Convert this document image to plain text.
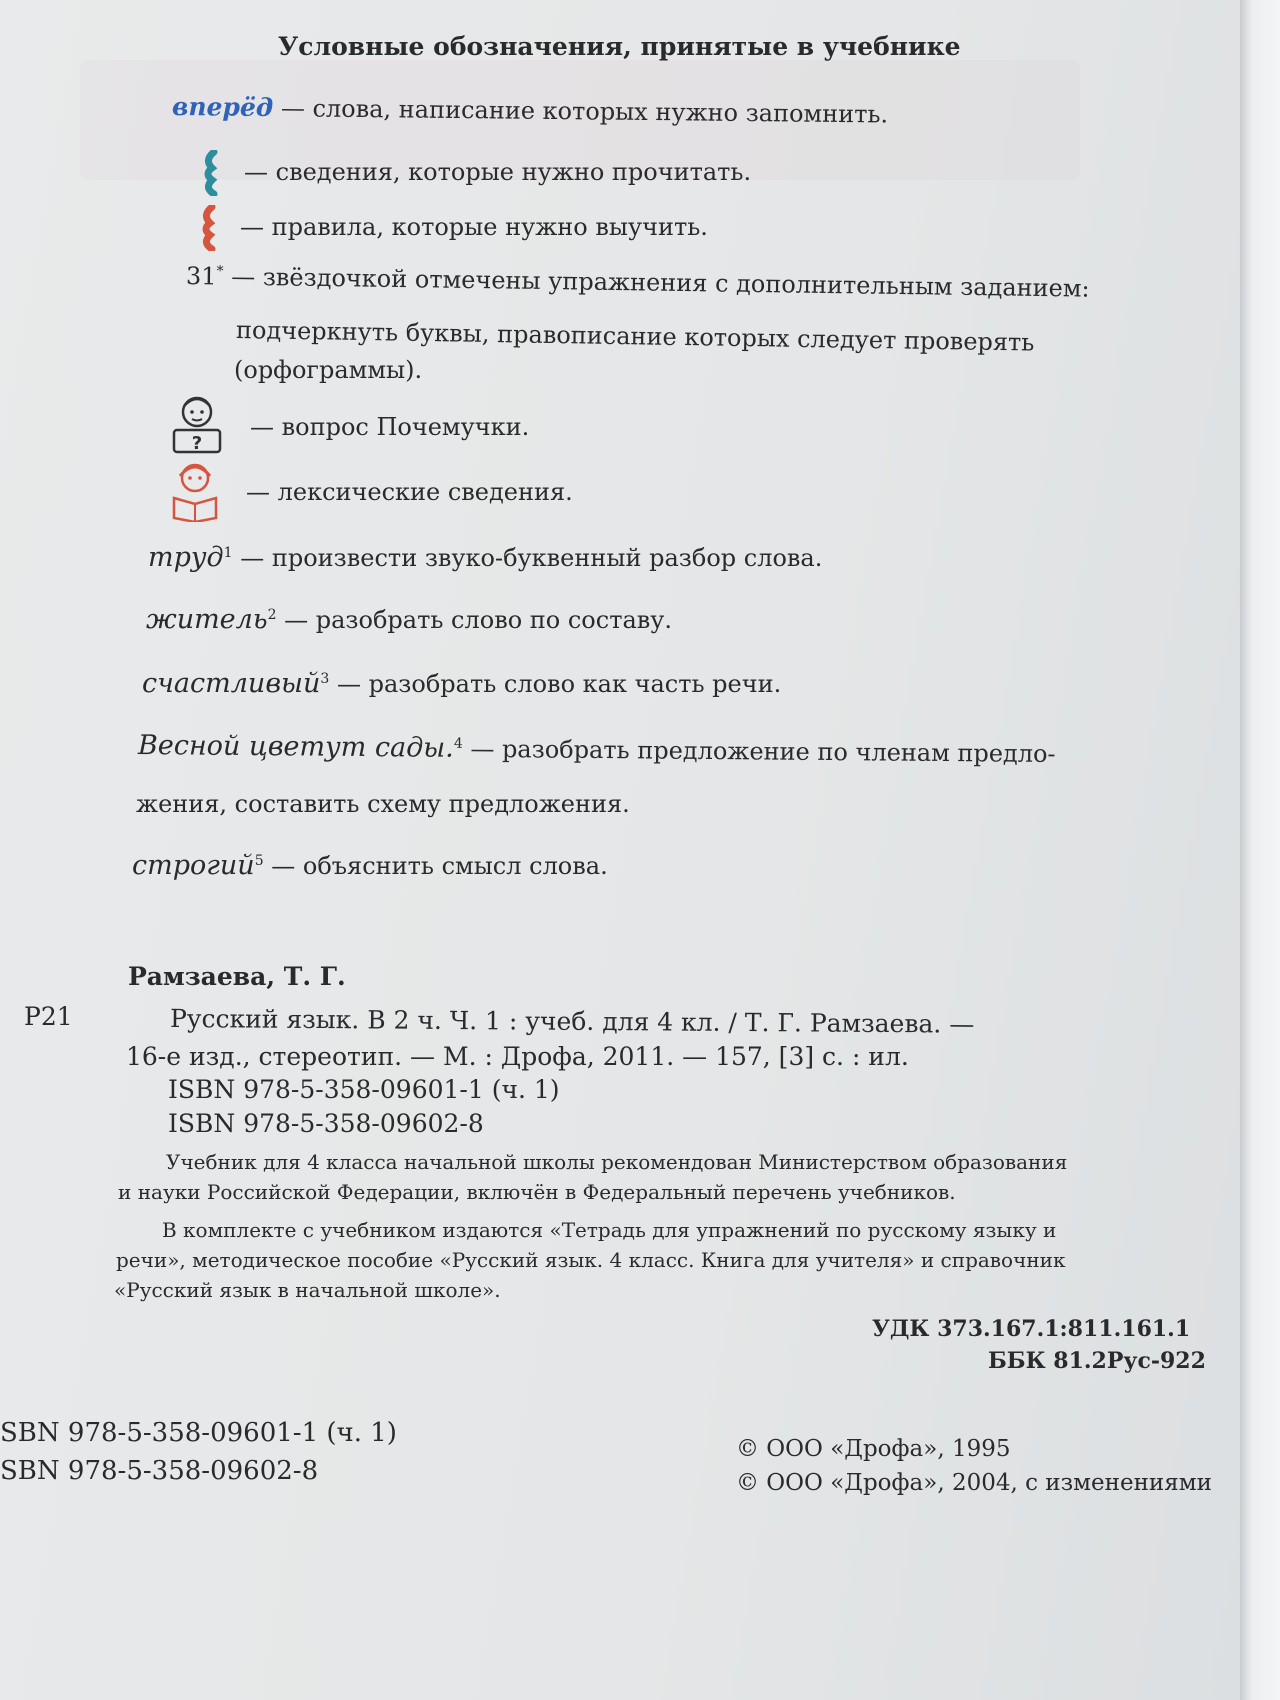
Условные обозначения, принятые в учебнике
вперёд — слова, написание которых нужно запомнить.
— сведения, которые нужно прочитать.
— правила, которые нужно выучить.
31* — звёздочкой отмечены упражнения с дополнительным заданием:
подчеркнуть буквы, правописание которых следует проверять
(орфограммы).
?
— вопрос Почемучки.
— лексические сведения.
труд$^1$ — произвести звуко-буквенный разбор слова.
житель$^2$ — разобрать слово по составу.
счастливый$^3$ — разобрать слово как часть речи.
Весной цветут сады.$^4$ — разобрать предложение по членам предло-
жения, составить схему предложения.
строгий$^5$ — объяснить смысл слова.
Рамзаева, Т. Г.
Р21	Русский язык. В 2 ч. Ч. 1 : учеб. для 4 кл. / Т. Г. Рамзаева. —
16-е изд., стереотип. — М. : Дрофа, 2011. — 157, [3] с. : ил.
ISBN 978-5-358-09601-1 (ч. 1)
ISBN 978-5-358-09602-8
Учебник для 4 класса начальной школы рекомендован Министерством образования
и науки Российской Федерации, включён в Федеральный перечень учебников.
В комплекте с учебником издаются «Тетрадь для упражнений по русскому языку и
речи», методическое пособие «Русский язык. 4 класс. Книга для учителя» и справочник
«Русский язык в начальной школе».
УДК 373.167.1:811.161.1
ББК 81.2Рус-922
SBN 978-5-358-09601-1 (ч. 1)
SBN 978-5-358-09602-8
© ООО «Дрофа», 1995
© ООО «Дрофа», 2004, с изменениями
